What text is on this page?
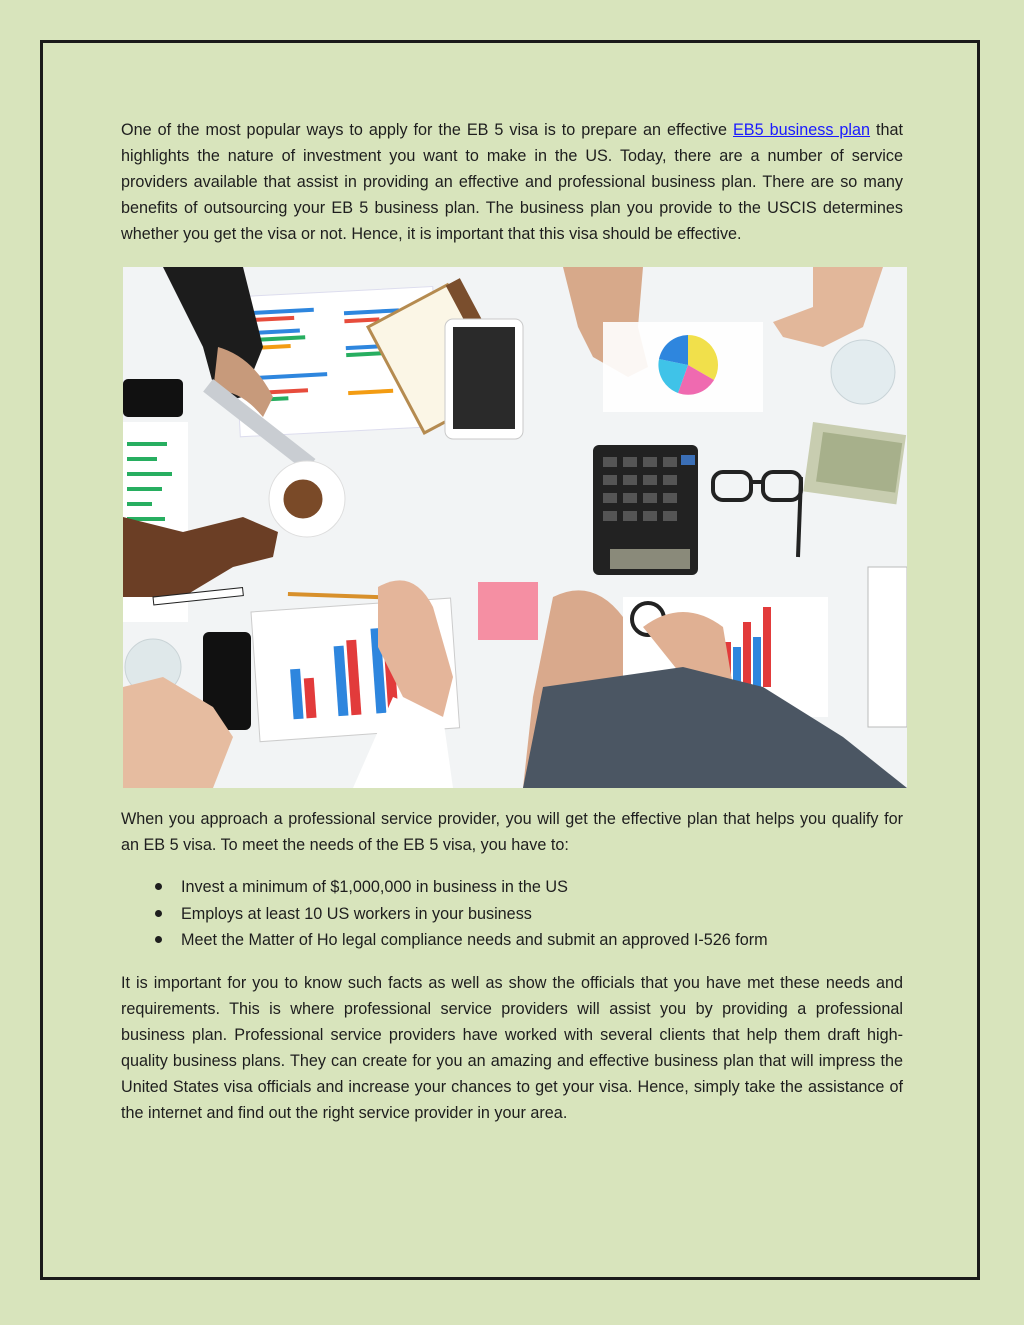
One of the most popular ways to apply for the EB 5 visa is to prepare an effective EB5 business plan that highlights the nature of investment you want to make in the US. Today, there are a number of service providers available that assist in providing an effective and professional business plan. There are so many benefits of outsourcing your EB 5 business plan. The business plan you provide to the USCIS determines whether you get the visa or not. Hence, it is important that this visa should be effective.

When you approach a professional service provider, you will get the effective plan that helps you qualify for an EB 5 visa. To meet the needs of the EB 5 visa, you have to:

Invest a minimum of $1,000,000 in business in the US
Employs at least 10 US workers in your business
Meet the Matter of Ho legal compliance needs and submit an approved I-526 form

It is important for you to know such facts as well as show the officials that you have met these needs and requirements. This is where professional service providers will assist you by providing a professional business plan. Professional service providers have worked with several clients that help them draft high-quality business plans. They can create for you an amazing and effective business plan that will impress the United States visa officials and increase your chances to get your visa. Hence, simply take the assistance of the internet and find out the right service provider in your area.
